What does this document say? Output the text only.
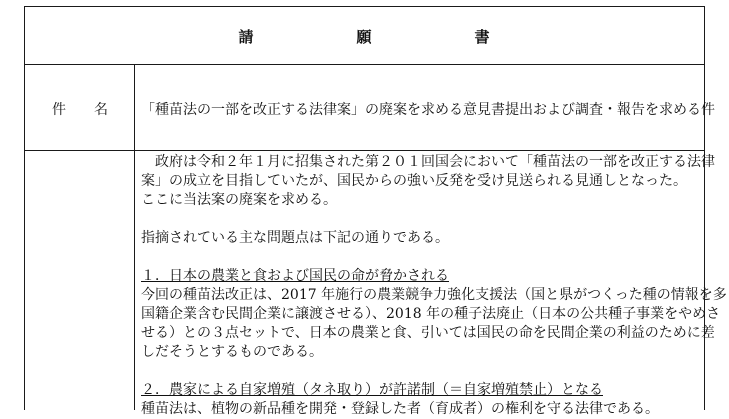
請　願　書
件名 「種苗法の一部を改正する法律案」の廃案を求める意見書提出および調査・報告を求める件

政府は令和２年１月に招集された第２０１回国会において「種苗法の一部を改正する法律

案」の成立を目指していたが、国民からの強い反発を受け見送られる見通しとなった。

ここに当法案の廃案を求める。

指摘されている主な問題点は下記の通りである。

１．日本の農業と食および国民の命が脅かされる

今回の種苗法改正は、2017 年施行の農業競争力強化支援法（国と県がつくった種の情報を多

国籍企業含む民間企業に譲渡させる）、2018 年の種子法廃止（日本の公共種子事業をやめさ

せる）との３点セットで、日本の農業と食、引いては国民の命を民間企業の利益のために差

しだそうとするものである。

２．農家による自家増殖（タネ取り）が許諾制（＝自家増殖禁止）となる

種苗法は、植物の新品種を開発・登録した者（育成者）の権利を守る法律である。
